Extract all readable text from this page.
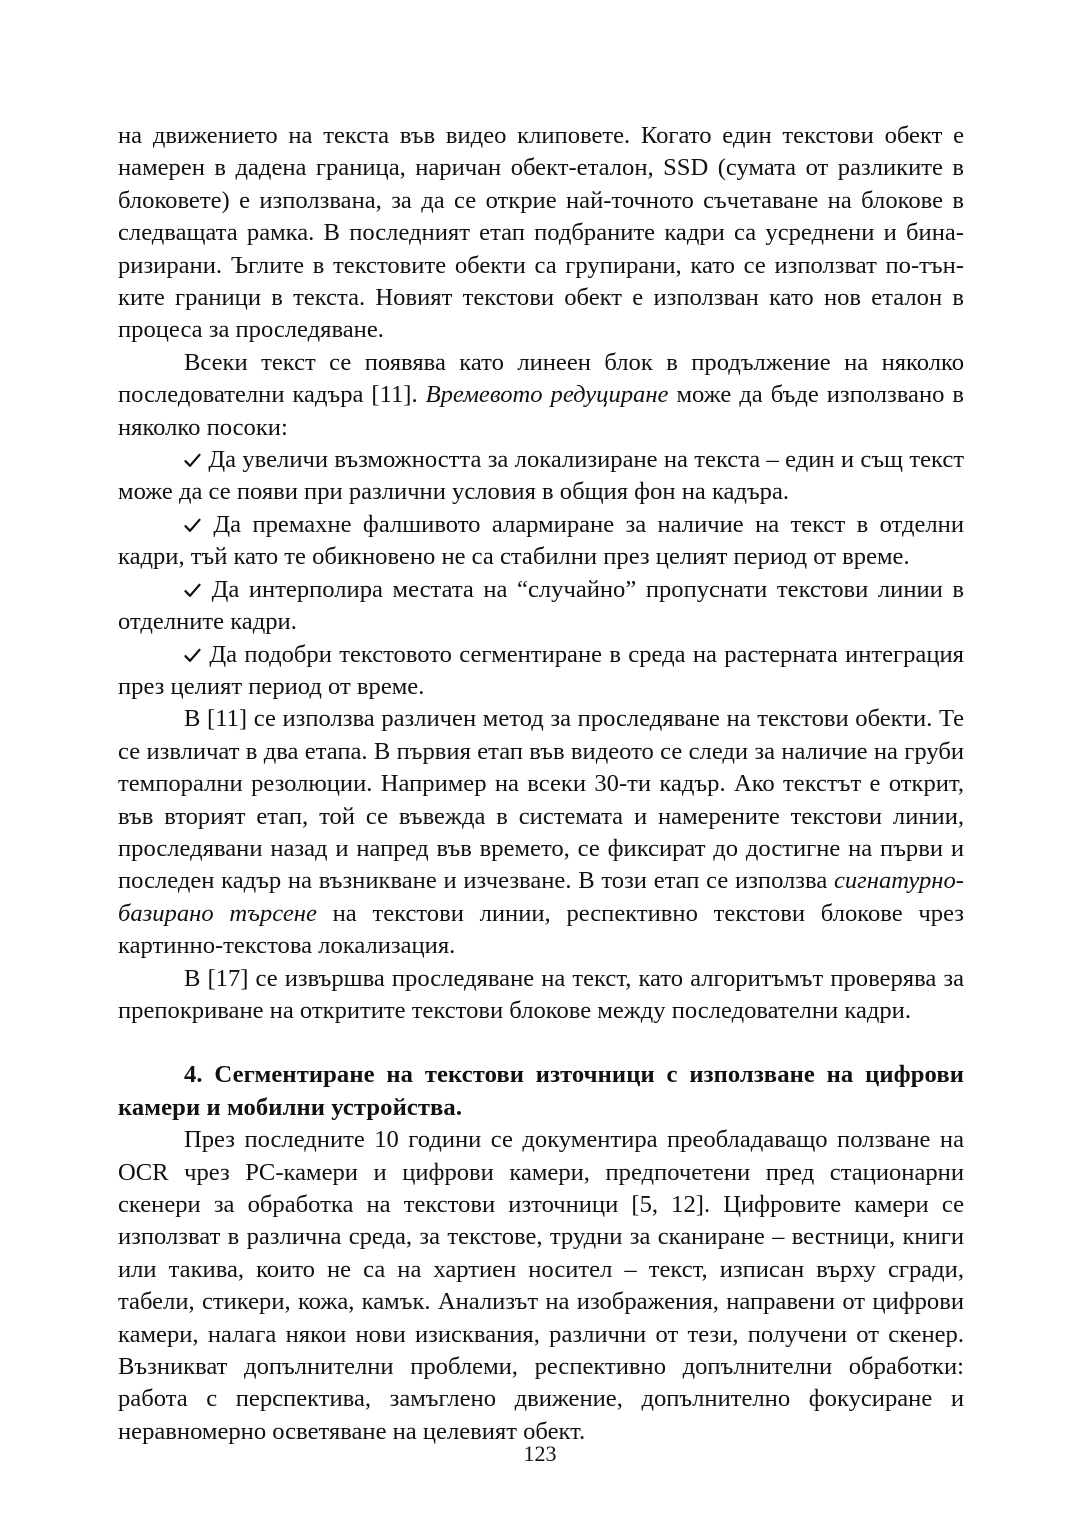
на движението на текста във видео клиповете. Когато един текстови обект е намерен в дадена граница, наричан обект-еталон, SSD (сумата от разликите в блоковете) е използвана, за да се открие най-точното съчетаване на блокове в следващата рамка. В последният етап подбраните кадри са усреднени и бинаризирани. Ъглите в текстовите обекти са групирани, като се използват по-тънките граници в текста. Новият текстови обект е използван като нов еталон в процеса за проследяване.

Всеки текст се появява като линеен блок в продължение на няколко последователни кадъра [11]. Времевото редуциране може да бъде използвано в няколко посоки:

Да увеличи възможността за локализиране на текста – един и същ текст може да се появи при различни условия в общия фон на кадъра.

Да премахне фалшивото алармиране за наличие на текст в отделни кадри, тъй като те обикновено не са стабилни през целият период от време.

Да интерполира местата на “случайно” пропуснати текстови линии в отделните кадри.

Да подобри текстовото сегментиране в среда на растерната интеграция през целият период от време.

В [11] се използва различен метод за проследяване на текстови обекти. Те се извличат в два етапа. В първия етап във видеото се следи за наличие на груби темпорални резолюции. Например на всеки 30-ти кадър. Ако текстът е открит, във вторият етап, той се въвежда в системата и намерените текстови линии, проследявани назад и напред във времето, се фиксират до достигне на първи и последен кадър на възникване и изчезване. В този етап се използва сигнатурно-базирано търсене на текстови линии, респективно текстови блокове чрез картинно-текстова локализация.

В [17] се извършва проследяване на текст, като алгоритъмът проверява за препокриване на откритите текстови блокове между последователни кадри.

4. Сегментиране на текстови източници с използване на цифрови камери и мобилни устройства.

През последните 10 години се документира преобладаващо ползване на OCR чрез PC-камери и цифрови камери, предпочетени пред стационарни скенери за обработка на текстови източници [5, 12]. Цифровите камери се използват в различна среда, за текстове, трудни за сканиране – вестници, книги или такива, които не са на хартиен носител – текст, изписан върху сгради, табели, стикери, кожа, камък. Анализът на изображения, направени от цифрови камери, налага някои нови изисквания, различни от тези, получени от скенер. Възникват допълнителни проблеми, респективно допълнителни обработки: работа с перспектива, замъглено движение, допълнително фокусиране и неравномерно осветяване на целевият обект.

123
